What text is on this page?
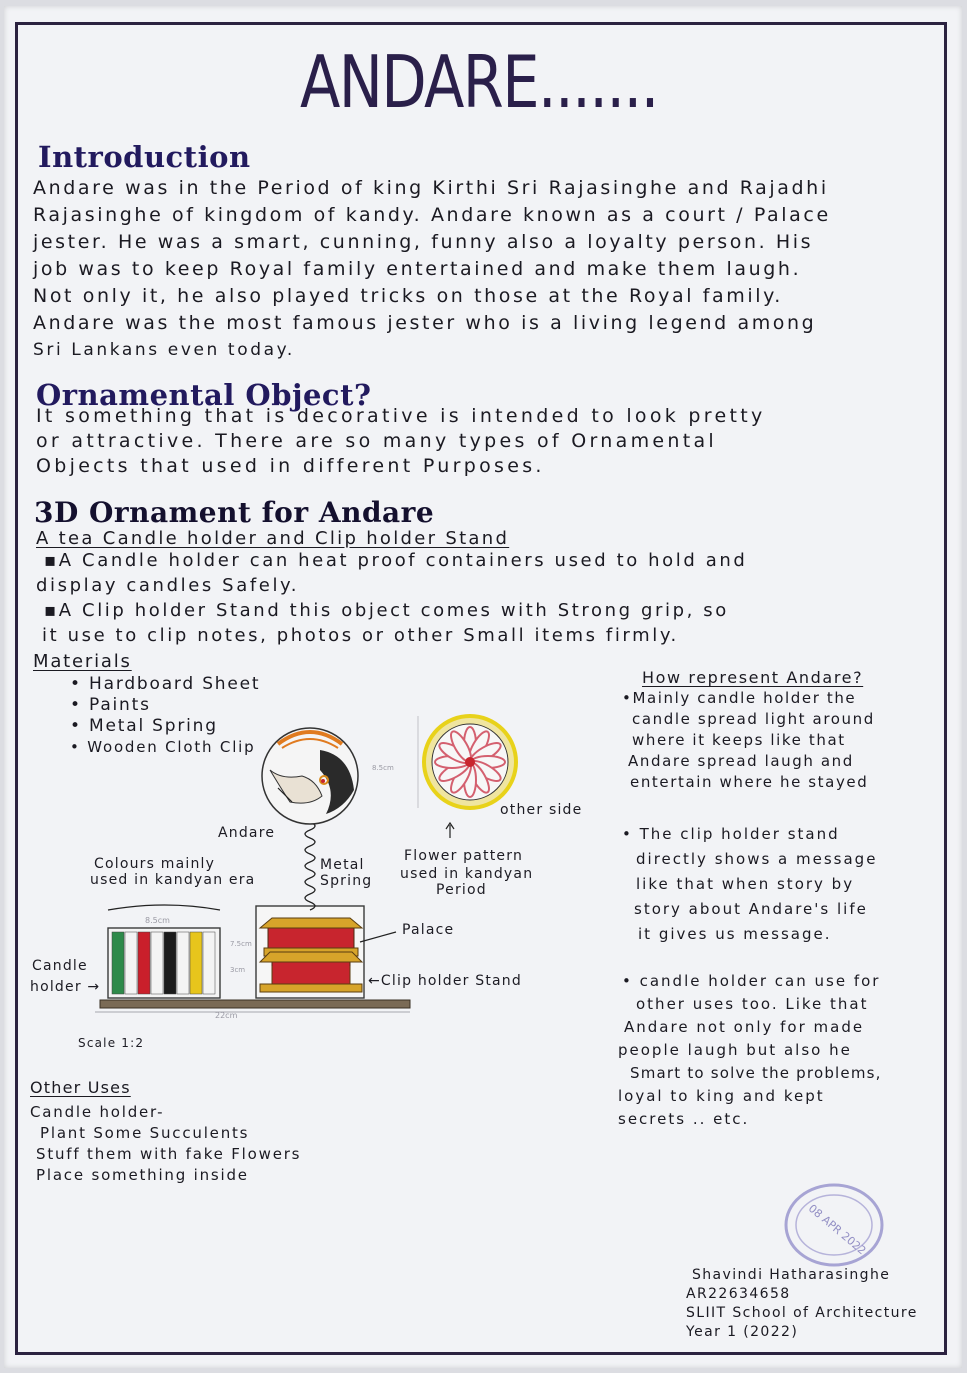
ANDARE.......
Introduction

Andare was in the Period of king Kirthi Sri Rajasinghe and Rajadhi

Rajasinghe of kingdom of kandy. Andare known as a court / Palace

jester. He was a smart, cunning, funny also a loyalty person. His

job was to keep Royal family entertained and make them laugh.

Not only it, he also played tricks on those at the Royal family.

Andare was the most famous jester who is a living legend among

Sri Lankans even today.

Ornamental Object?

It something that is decorative is intended to look pretty

or attractive. There are so many types of Ornamental

Objects that used in different Purposes.

3D Ornament for Andare
A tea Candle holder and Clip holder Stand

▪A Candle holder can heat proof containers used to hold and

display candles Safely.

▪A Clip holder Stand this object comes with Strong grip, so

it use to clip notes, photos or other Small items firmly.

Materials

• Hardboard Sheet

• Paints

• Metal Spring

• Wooden Cloth Clip

22cm
8.5cm
7.5cm
3cm
8.5cm
Andare
Metal Spring
Colours mainly
used in kandyan era
Flower pattern
used in kandyan
Period
other side
Palace
←Clip holder Stand
Candle
holder →
Scale 1:2
Other Uses

Candle holder-

Plant Some Succulents

Stuff them with fake Flowers

Place something inside

How represent Andare?

•Mainly candle holder the

candle spread light around

where it keeps like that

Andare spread laugh and

entertain where he stayed

• The clip holder stand

directly shows a message

like that when story by

story about Andare's life

it gives us message.

• candle holder can use for

other uses too. Like that

Andare not only for made

people laugh but also he

Smart to solve the problems,

loyal to king and kept

secrets .. etc.

08 APR 2022

Shavindi Hatharasinghe

AR22634658

SLIIT School of Architecture

Year 1 (2022)
